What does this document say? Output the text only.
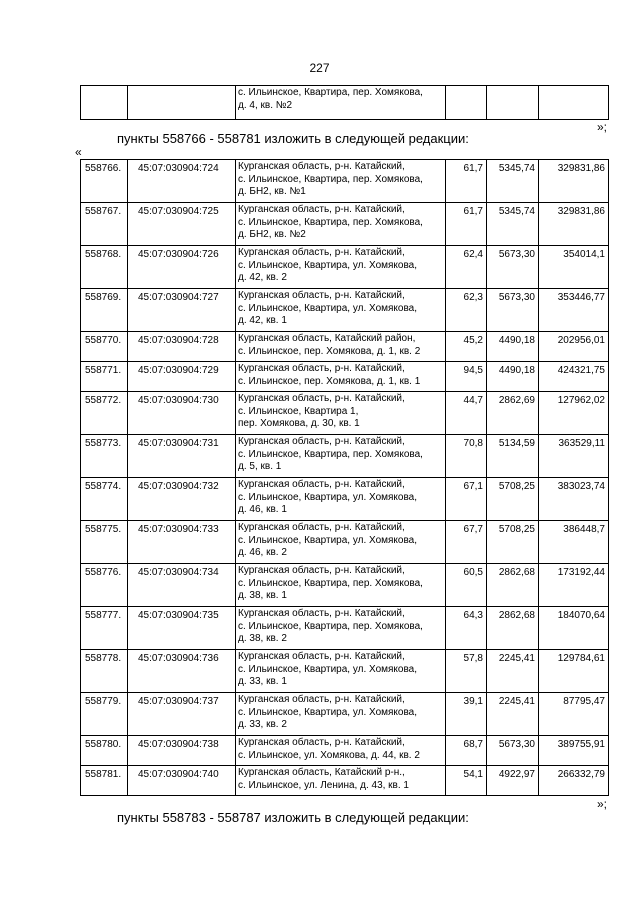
227

с. Ильинское, Квартира, пер. Хомякова,
д. 4, кв. №2

»;
пункты 558766 - 558781 изложить в следующей редакции:
«
558766.	45:07:030904:724	Курганская область, р-н. Катайский,
с. Ильинское, Квартира, пер. Хомякова,
д. БН2, кв. №1	61,7	5345,74	329831,86
558767.	45:07:030904:725	Курганская область, р-н. Катайский,
с. Ильинское, Квартира, пер. Хомякова,
д. БН2, кв. №2	61,7	5345,74	329831,86
558768.	45:07:030904:726	Курганская область, р-н. Катайский,
с. Ильинское, Квартира, ул. Хомякова,
д. 42, кв. 2	62,4	5673,30	354014,1
558769.	45:07:030904:727	Курганская область, р-н. Катайский,
с. Ильинское, Квартира, ул. Хомякова,
д. 42, кв. 1	62,3	5673,30	353446,77
558770.	45:07:030904:728	Курганская область, Катайский район,
с. Ильинское, пер. Хомякова, д. 1, кв. 2	45,2	4490,18	202956,01
558771.	45:07:030904:729	Курганская область, р-н. Катайский,
с. Ильинское, пер. Хомякова, д. 1, кв. 1	94,5	4490,18	424321,75
558772.	45:07:030904:730	Курганская область, р-н. Катайский,
с. Ильинское, Квартира 1,
пер. Хомякова, д. 30, кв. 1	44,7	2862,69	127962,02
558773.	45:07:030904:731	Курганская область, р-н. Катайский,
с. Ильинское, Квартира, пер. Хомякова,
д. 5, кв. 1	70,8	5134,59	363529,11
558774.	45:07:030904:732	Курганская область, р-н. Катайский,
с. Ильинское, Квартира, ул. Хомякова,
д. 46, кв. 1	67,1	5708,25	383023,74
558775.	45:07:030904:733	Курганская область, р-н. Катайский,
с. Ильинское, Квартира, ул. Хомякова,
д. 46, кв. 2	67,7	5708,25	386448,7
558776.	45:07:030904:734	Курганская область, р-н. Катайский,
с. Ильинское, Квартира, пер. Хомякова,
д. 38, кв. 1	60,5	2862,68	173192,44
558777.	45:07:030904:735	Курганская область, р-н. Катайский,
с. Ильинское, Квартира, пер. Хомякова,
д. 38, кв. 2	64,3	2862,68	184070,64
558778.	45:07:030904:736	Курганская область, р-н. Катайский,
с. Ильинское, Квартира, ул. Хомякова,
д. 33, кв. 1	57,8	2245,41	129784,61
558779.	45:07:030904:737	Курганская область, р-н. Катайский,
с. Ильинское, Квартира, ул. Хомякова,
д. 33, кв. 2	39,1	2245,41	87795,47
558780.	45:07:030904:738	Курганская область, р-н. Катайский,
с. Ильинское, ул. Хомякова, д. 44, кв. 2	68,7	5673,30	389755,91
558781.	45:07:030904:740	Курганская область, Катайский р-н.,
с. Ильинское, ул. Ленина, д. 43, кв. 1	54,1	4922,97	266332,79
»;
пункты 558783 - 558787 изложить в следующей редакции:
